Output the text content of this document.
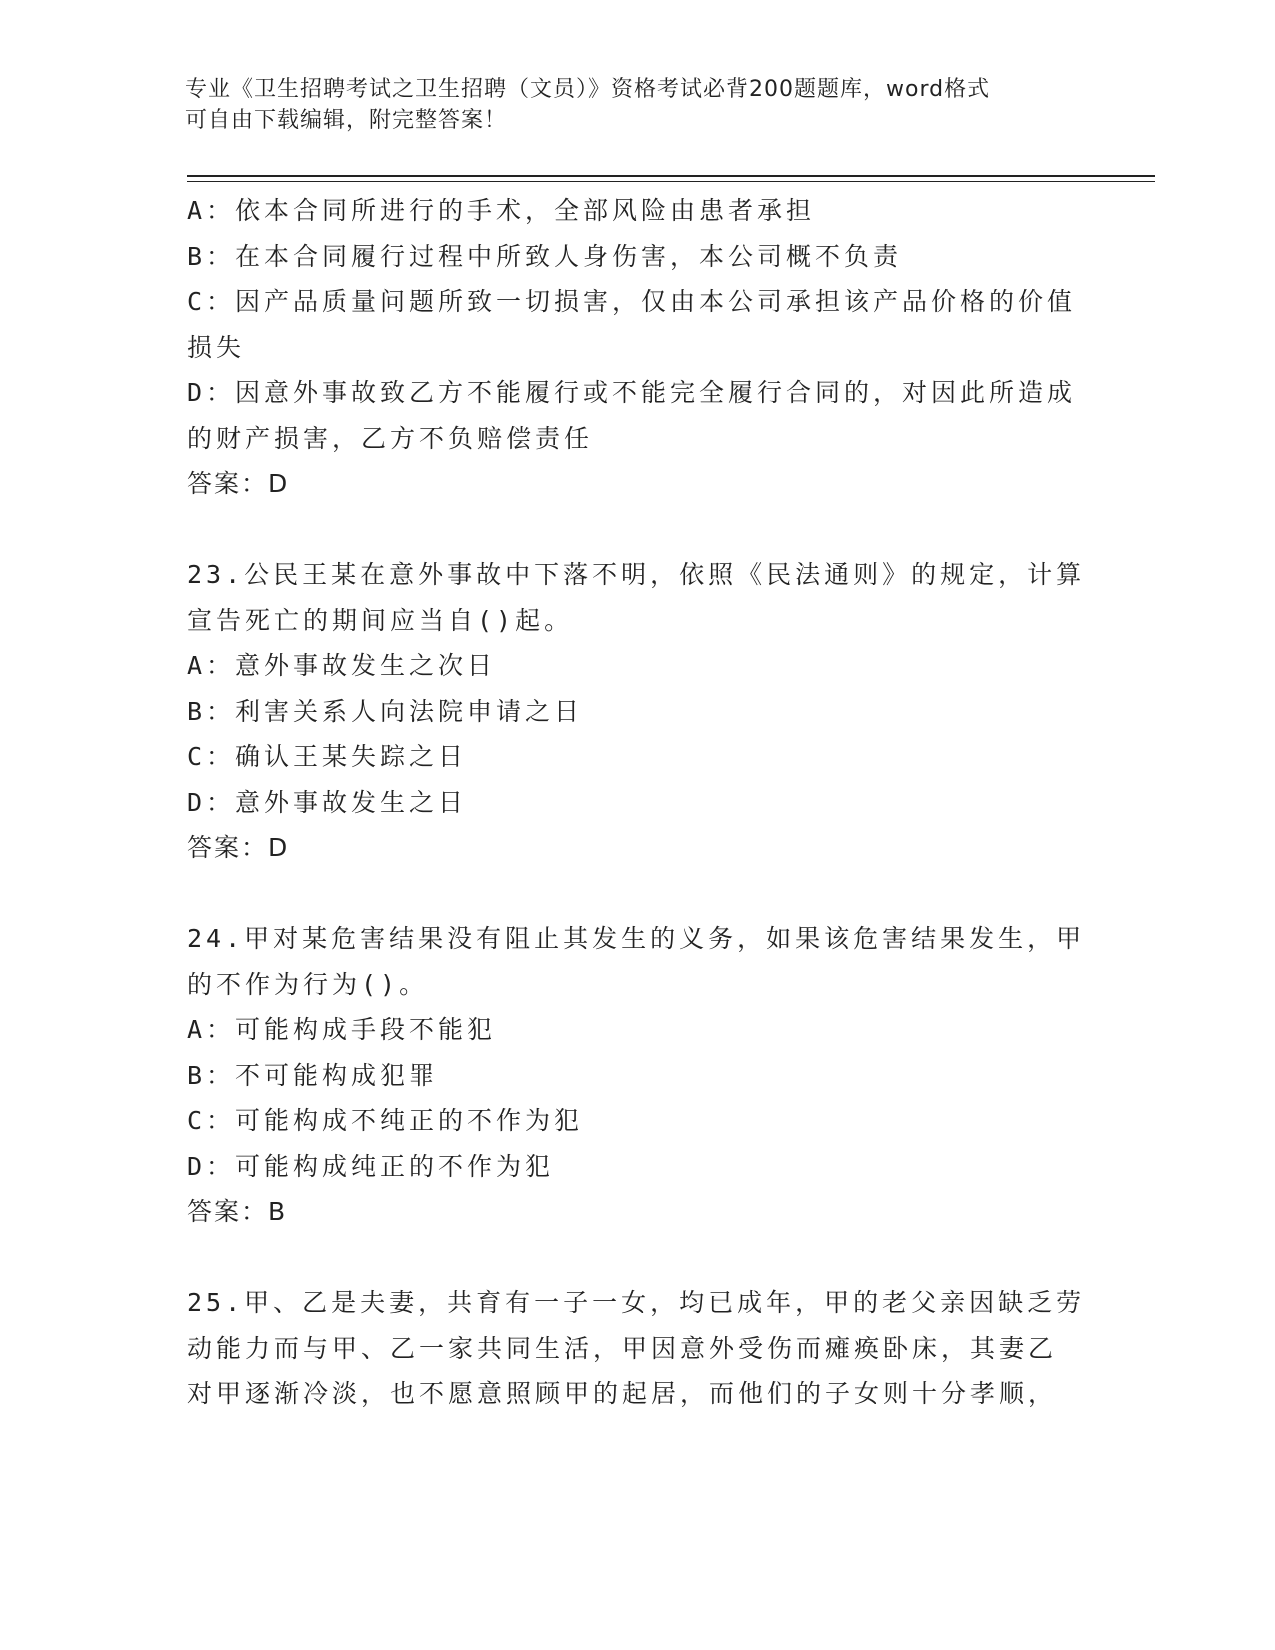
专业《卫生招聘考试之卫生招聘（文员）》资格考试必背200题题库，word格式
可自由下载编辑，附完整答案！
A：依本合同所进行的手术，全部风险由患者承担
B：在本合同履行过程中所致人身伤害，本公司概不负责
C：因产品质量问题所致一切损害，仅由本公司承担该产品价格的价值
损失
D：因意外事故致乙方不能履行或不能完全履行合同的，对因此所造成
的财产损害，乙方不负赔偿责任
答案：D
23.公民王某在意外事故中下落不明，依照《民法通则》的规定，计算
宣告死亡的期间应当自()起。
A：意外事故发生之次日
B：利害关系人向法院申请之日
C：确认王某失踪之日
D：意外事故发生之日
答案：D
24.甲对某危害结果没有阻止其发生的义务，如果该危害结果发生，甲
的不作为行为()。
A：可能构成手段不能犯
B：不可能构成犯罪
C：可能构成不纯正的不作为犯
D：可能构成纯正的不作为犯
答案：B
25.甲、乙是夫妻，共育有一子一女，均已成年，甲的老父亲因缺乏劳
动能力而与甲、乙一家共同生活，甲因意外受伤而瘫痪卧床，其妻乙
对甲逐渐冷淡，也不愿意照顾甲的起居，而他们的子女则十分孝顺，
